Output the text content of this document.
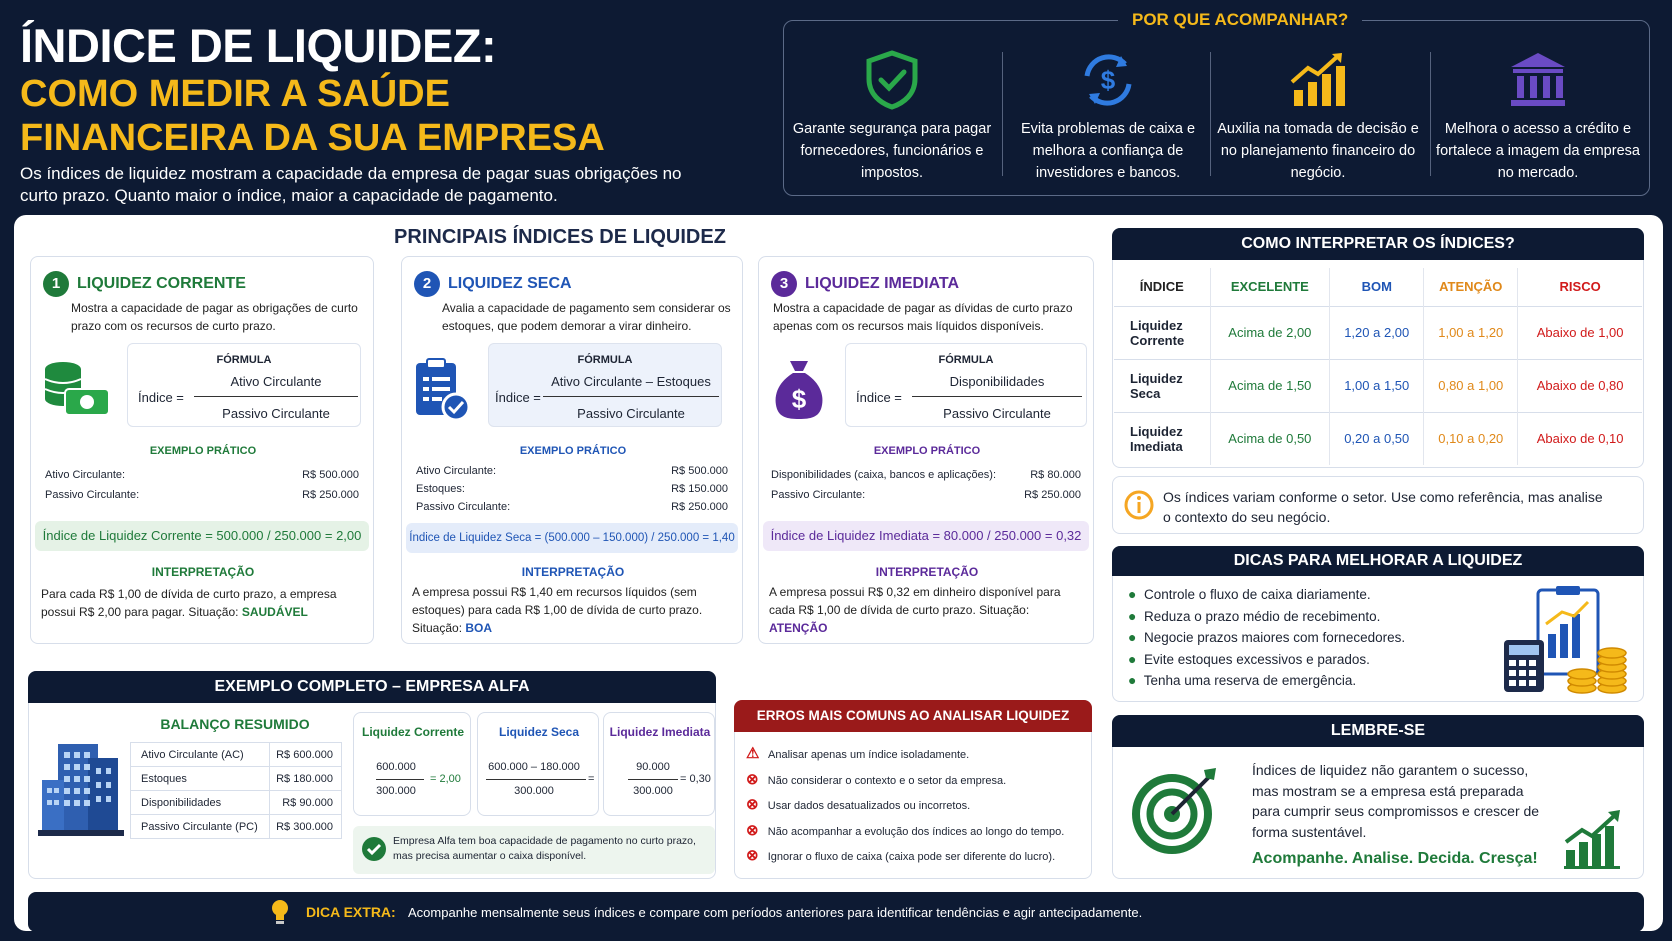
ÍNDICE DE LIQUIDEZ:
COMO MEDIR A SAÚDE FINANCEIRA DA SUA EMPRESA
Os índices de liquidez mostram a capacidade da empresa de pagar suas obrigações no curto prazo. Quanto maior o índice, maior a capacidade de pagamento.
POR QUE ACOMPANHAR?
Garante segurança para pagar fornecedores, funcionários e impostos.
$
Evita problemas de caixa e melhora a confiança de investidores e bancos.
Auxilia na tomada de decisão e no planejamento financeiro do negócio.
Melhora o acesso a crédito e fortalece a imagem da empresa no mercado.
PRINCIPAIS ÍNDICES DE LIQUIDEZ
1 LIQUIDEZ CORRENTE
Mostra a capacidade de pagar as obrigações de curto prazo com os recursos de curto prazo.
FÓRMULA
Índice =
Ativo Circulante
Passivo Circulante
EXEMPLO PRÁTICO
Ativo Circulante:	R$ 500.000
Passivo Circulante:	R$ 250.000
Índice de Liquidez Corrente = 500.000 / 250.000 = 2,00
INTERPRETAÇÃO
Para cada R$ 1,00 de dívida de curto prazo, a empresa possui R$ 2,00 para pagar. Situação: SAUDÁVEL
2 LIQUIDEZ SECA
Avalia a capacidade de pagamento sem considerar os estoques, que podem demorar a virar dinheiro.
FÓRMULA
Índice =
Ativo Circulante – Estoques
Passivo Circulante
EXEMPLO PRÁTICO
Ativo Circulante:	R$ 500.000
Estoques:	R$ 150.000
Passivo Circulante:	R$ 250.000
Índice de Liquidez Seca = (500.000 – 150.000) / 250.000 = 1,40
INTERPRETAÇÃO
A empresa possui R$ 1,40 em recursos líquidos (sem estoques) para cada R$ 1,00 de dívida de curto prazo. Situação: BOA
3 LIQUIDEZ IMEDIATA
Mostra a capacidade de pagar as dívidas de curto prazo apenas com os recursos mais líquidos disponíveis.
$
FÓRMULA
Índice =
Disponibilidades
Passivo Circulante
EXEMPLO PRÁTICO
Disponibilidades (caixa, bancos e aplicações):	R$ 80.000
Passivo Circulante:	R$ 250.000
Índice de Liquidez Imediata = 80.000 / 250.000 = 0,32
INTERPRETAÇÃO
A empresa possui R$ 0,32 em dinheiro disponível para cada R$ 1,00 de dívida de curto prazo. Situação: ATENÇÃO
COMO INTERPRETAR OS ÍNDICES?
ÍNDICE	EXCELENTE	BOM	ATENÇÃO	RISCO
Liquidez Corrente	Acima de 2,00	1,20 a 2,00	1,00 a 1,20	Abaixo de 1,00
Liquidez Seca	Acima de 1,50	1,00 a 1,50	0,80 a 1,00	Abaixo de 0,80
Liquidez Imediata	Acima de 0,50	0,20 a 0,50	0,10 a 0,20	Abaixo de 0,10
Os índices variam conforme o setor. Use como referência, mas analise o contexto do seu negócio.
DICAS PARA MELHORAR A LIQUIDEZ
● Controle o fluxo de caixa diariamente.
● Reduza o prazo médio de recebimento.
● Negocie prazos maiores com fornecedores.
● Evite estoques excessivos e parados.
● Tenha uma reserva de emergência.
LEMBRE-SE
Índices de liquidez não garantem o sucesso, mas mostram se a empresa está preparada para cumprir seus compromissos e crescer de forma sustentável.
Acompanhe. Analise. Decida. Cresça!
EXEMPLO COMPLETO – EMPRESA ALFA
BALANÇO RESUMIDO
Ativo Circulante (AC)	R$ 600.000
Estoques	R$ 180.000
Disponibilidades	R$ 90.000
Passivo Circulante (PC)	R$ 300.000
Liquidez Corrente
600.000
300.000
= 2,00
Liquidez Seca
600.000 – 180.000
300.000
=
Liquidez Imediata
90.000
300.000
= 0,30
Empresa Alfa tem boa capacidade de pagamento no curto prazo, mas precisa aumentar o caixa disponível.
ERROS MAIS COMUNS AO ANALISAR LIQUIDEZ
⚠ Analisar apenas um índice isoladamente.
⊗ Não considerar o contexto e o setor da empresa.
⊗ Usar dados desatualizados ou incorretos.
⊗ Não acompanhar a evolução dos índices ao longo do tempo.
⊗ Ignorar o fluxo de caixa (caixa pode ser diferente do lucro).
DICA EXTRA: Acompanhe mensalmente seus índices e compare com períodos anteriores para identificar tendências e agir antecipadamente.
